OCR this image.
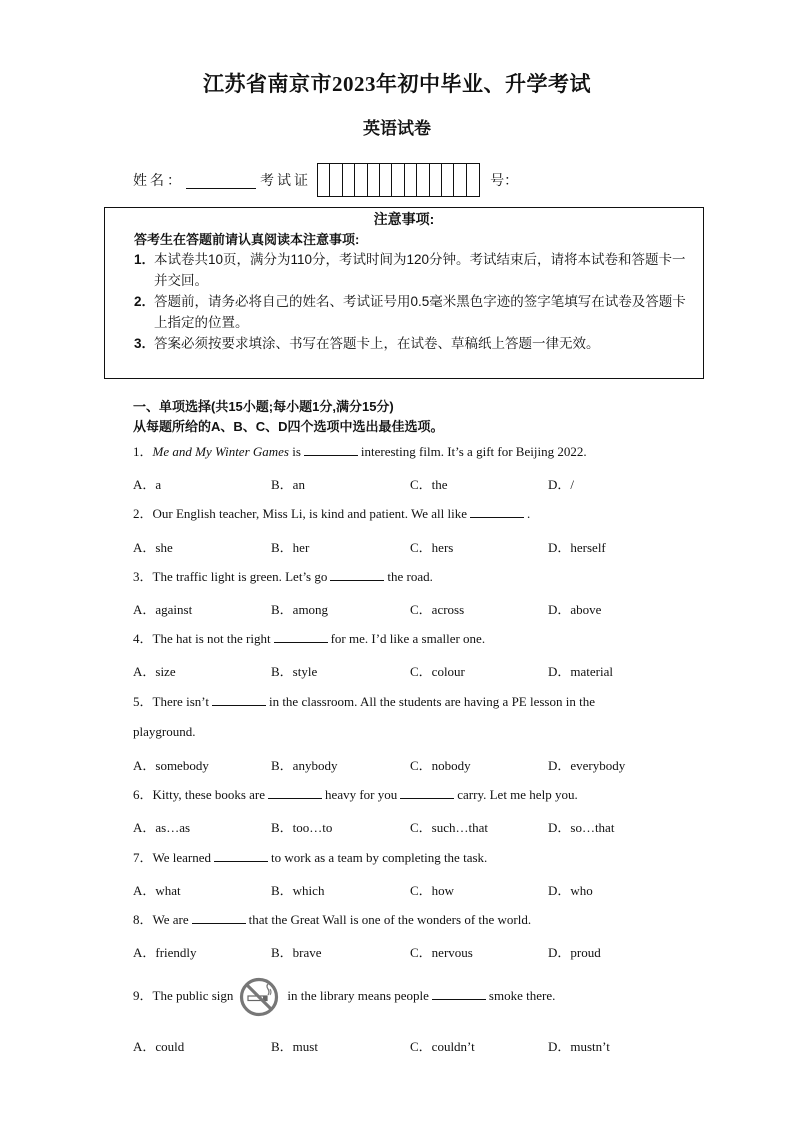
江苏省南京市2023年初中毕业、升学考试
英语试卷
姓名：	考试证	号：
注意事项:
答考生在答题前请认真阅读本注意事项:
1．
本试卷共10页，满分为110分，考试时间为120分钟。考试结束后，请将本试卷和答题卡一并交回。
2．
答题前，请务必将自己的姓名、考试证号用0.5毫米黑色字迹的签字笔填写在试卷及答题卡上指定的位置。
3．
答案必须按要求填涂、书写在答题卡上，在试卷、草稿纸上答题一律无效。
一、单项选择(共15小题;每小题1分,满分15分)
从每题所给的A、B、C、D四个选项中选出最佳选项。
1．Me and My Winter Games is	interesting film. It’s a gift for Beijing 2022.
A．a	B．an	C．the	D．/
2．Our English teacher, Miss Li, is kind and patient. We all like	.
A．she	B．her	C．hers	D．herself
3．The traffic light is green. Let’s go	the road.
A．against	B．among	C．across	D．above
4．The hat is not the right	for me. I’d like a smaller one.
A．size	B．style	C．colour	D．material
5．There isn’t	in the classroom. All the students are having a PE lesson in the
playground.
A．somebody	B．anybody	C．nobody	D．everybody
6．Kitty, these books are	heavy for you	carry. Let me help you.
A．as…as	B．too…to	C．such…that	D．so…that
7．We learned	to work as a team by completing the task.
A．what	B．which	C．how	D．who
8．We are	that the Great Wall is one of the wonders of the world.
A．friendly	B．brave	C．nervous	D．proud
9．The public sign	in the library means people	smoke there.
A．could	B．must	C．couldn’t	D．mustn’t
